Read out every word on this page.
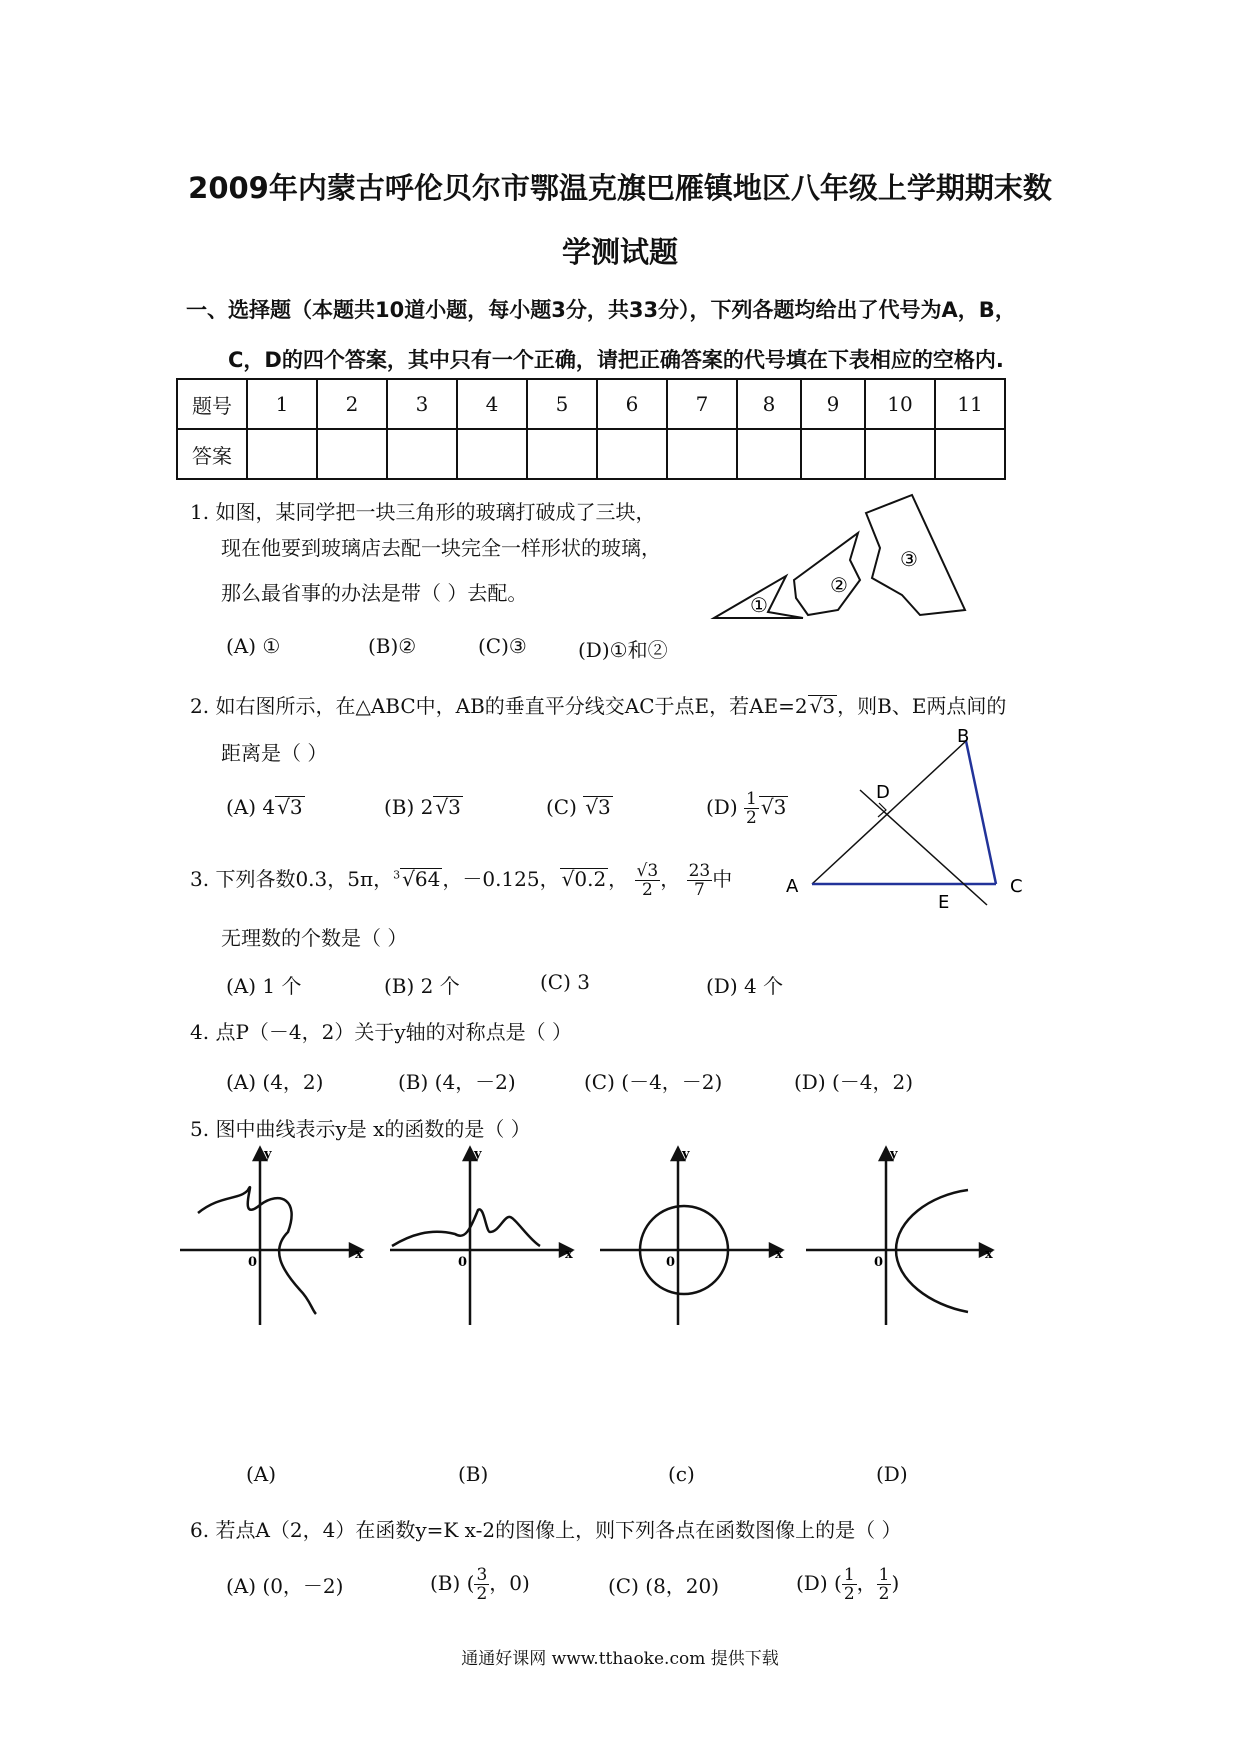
2009年内蒙古呼伦贝尔市鄂温克旗巴雁镇地区八年级上学期期末数
学测试题
一、选择题（本题共10道小题，每小题3分，共33分），下列各题均给出了代号为A，B，
C，D的四个答案，其中只有一个正确，请把正确答案的代号填在下表相应的空格内.
题号	1	2	3	4	5	6	7	8	9	10	11
答案											
1. 如图，某同学把一块三角形的玻璃打破成了三块，
现在他要到玻璃店去配一块完全一样形状的玻璃，
那么最省事的办法是带（ ）去配。
(A) ①	(B)②	(C)③	(D)①和②
①
②
③
A
B
C
D
E
2. 如右图所示，在△ABC中，AB的垂直平分线交AC于点E，若AE=2 √3 ，则B、E两点间的
距离是（ ）
(A) 4 √3	(B) 2 √3	(C) √3	$(D) \frac{1}{2} √3$
3. 下列各数0.3，5π，$^3$ √64 ，－0.125， √0.2 ， $\frac{√3}{2}$ ， $\frac{23}{7}$ 中
无理数的个数是（ ）
(A) 1 个	(B) 2 个	(C) 3	(D) 4 个
4. 点P（－4，2）关于y轴的对称点是（ ）
(A) (4，2)	(B) (4，－2)	(C) (－4，－2)	(D) (－4，2)
5. 图中曲线表示y是 x的函数的是（ ）
x	x	x	x
y	y	y	y
0	0	0	0
(A)	(B)	(c)	(D)
6. 若点A（2，4）在函数y=K x-2的图像上，则下列各点在函数图像上的是（ ）
(A) (0，－2)	(B) ( $\frac{3}{2}$ ，0)	(C) (8，20)	(D) ( $\frac{1}{2}$ ， $\frac{1}{2}$ )
通通好课网 www.tthaoke.com 提供下载
